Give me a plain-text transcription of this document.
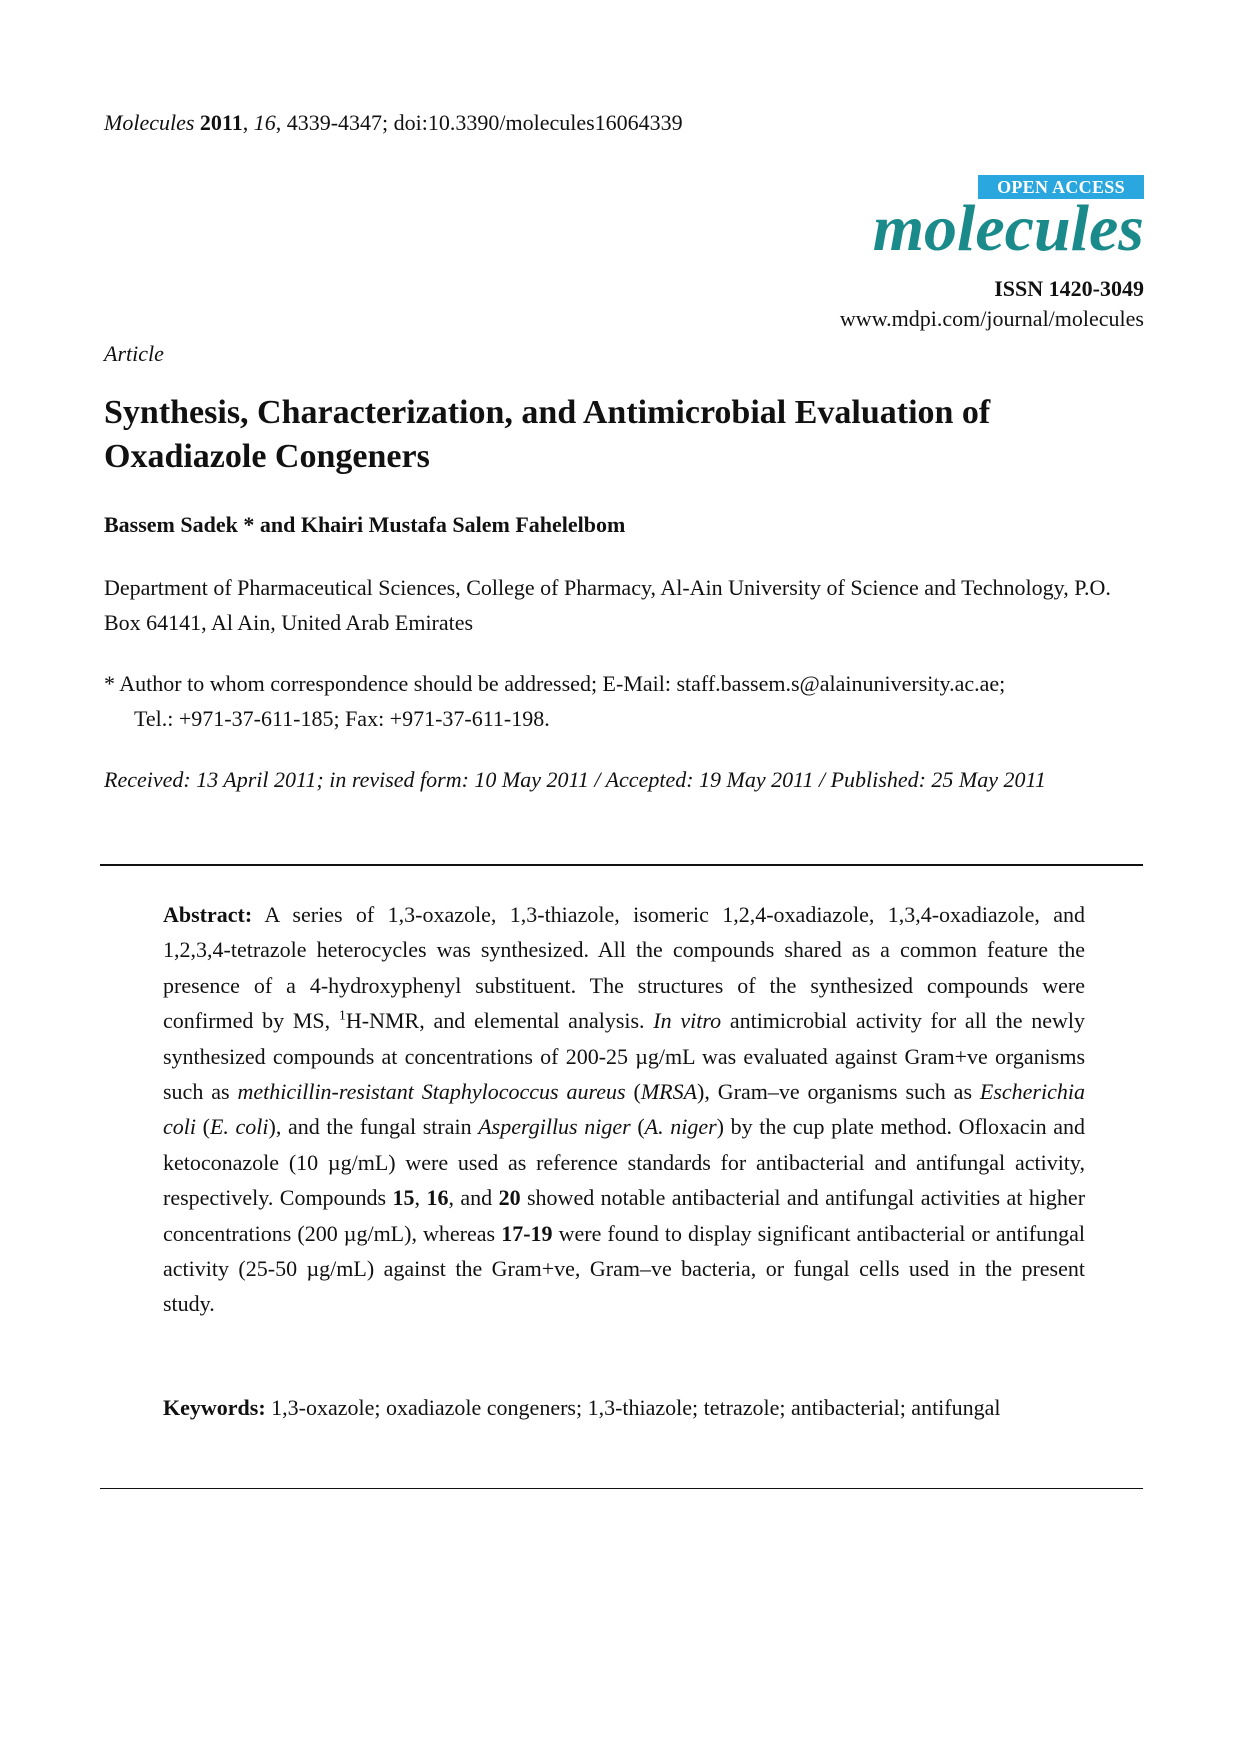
Molecules 2011, 16, 4339-4347; doi:10.3390/molecules16064339
OPEN ACCESS
molecules
ISSN 1420-3049
www.mdpi.com/journal/molecules
Article
Synthesis, Characterization, and Antimicrobial Evaluation of Oxadiazole Congeners
Bassem Sadek * and Khairi Mustafa Salem Fahelelbom
Department of Pharmaceutical Sciences, College of Pharmacy, Al-Ain University of Science and Technology, P.O. Box 64141, Al Ain, United Arab Emirates
* Author to whom correspondence should be addressed; E-Mail: staff.bassem.s@alainuniversity.ac.ae;
Tel.: +971-37-611-185; Fax: +971-37-611-198.
Received: 13 April 2011; in revised form: 10 May 2011 / Accepted: 19 May 2011 / Published: 25 May 2011
Abstract: A series of 1,3-oxazole, 1,3-thiazole, isomeric 1,2,4-oxadiazole, 1,3,4-oxadiazole, and 1,2,3,4-tetrazole heterocycles was synthesized. All the compounds shared as a common feature the presence of a 4-hydroxyphenyl substituent. The structures of the synthesized compounds were confirmed by MS, $^1$H-NMR, and elemental analysis. In vitro antimicrobial activity for all the newly synthesized compounds at concentrations of 200-25 µg/mL was evaluated against Gram+ve organisms such as methicillin-resistant Staphylococcus aureus (MRSA), Gram–ve organisms such as Escherichia coli (E. coli), and the fungal strain Aspergillus niger (A. niger) by the cup plate method. Ofloxacin and ketoconazole (10 µg/mL) were used as reference standards for antibacterial and antifungal activity, respectively. Compounds 15, 16, and 20 showed notable antibacterial and antifungal activities at higher concentrations (200 µg/mL), whereas 17-19 were found to display significant antibacterial or antifungal activity (25-50 µg/mL) against the Gram+ve, Gram–ve bacteria, or fungal cells used in the present study.
Keywords: 1,3-oxazole; oxadiazole congeners; 1,3-thiazole; tetrazole; antibacterial; antifungal
